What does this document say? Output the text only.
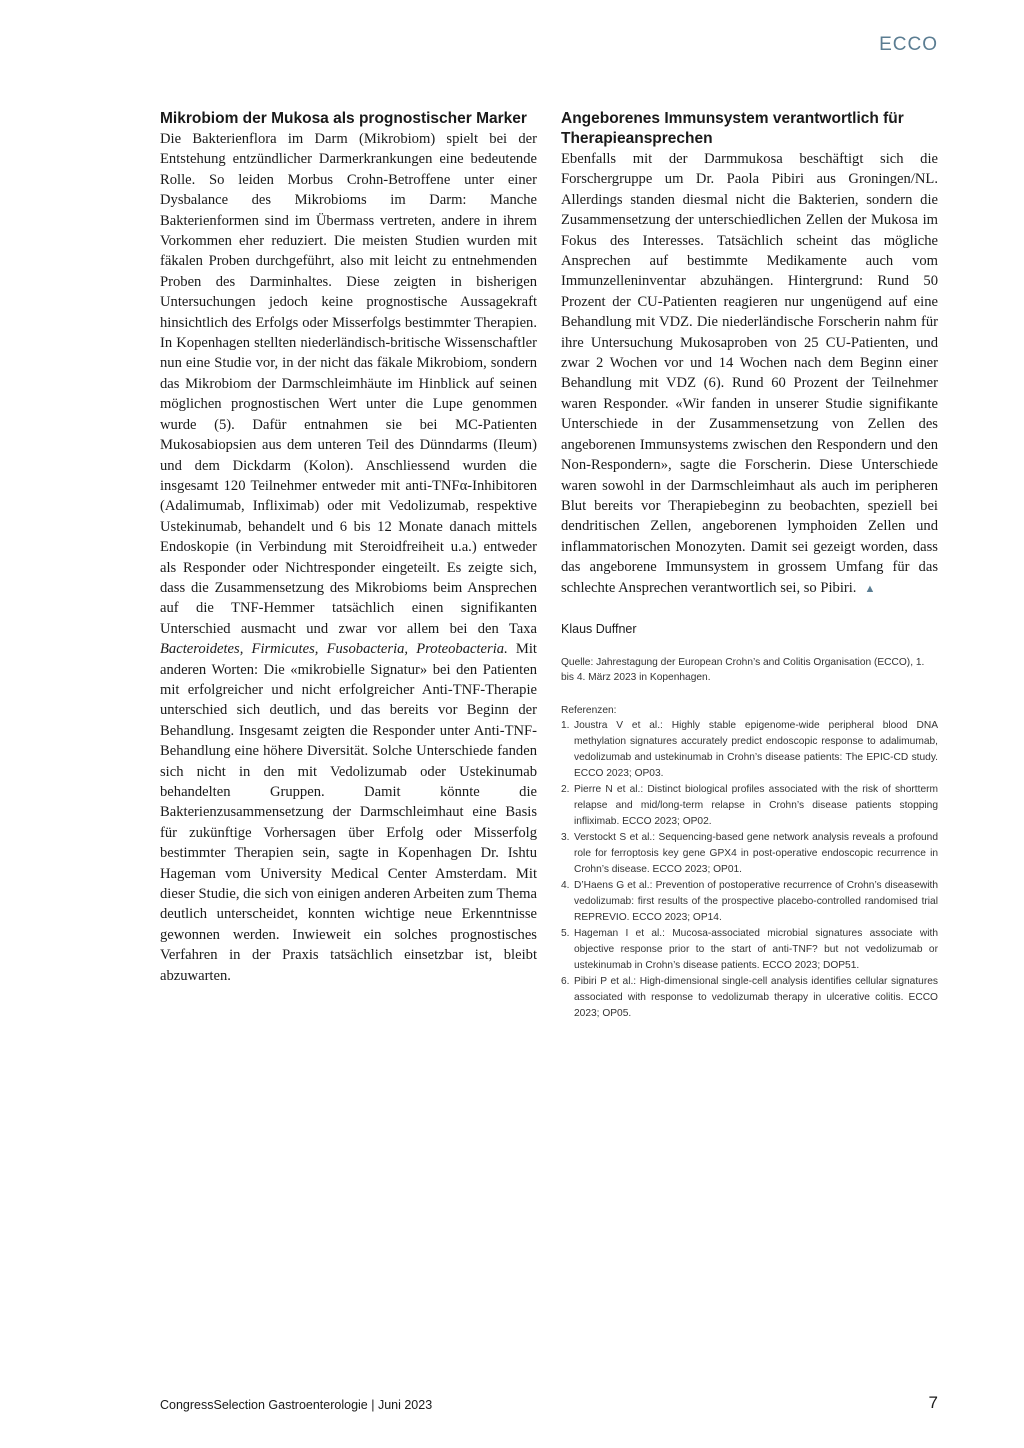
ECCO
Mikrobiom der Mukosa als prognostischer Marker

Die Bakterienflora im Darm (Mikrobiom) spielt bei der Entstehung entzündlicher Darmerkrankungen eine bedeutende Rolle. So leiden Morbus Crohn-Betroffene unter einer Dysbalance des Mikrobioms im Darm: Manche Bakterienformen sind im Übermass vertreten, andere in ihrem Vorkommen eher reduziert. Die meisten Studien wurden mit fäkalen Proben durchgeführt, also mit leicht zu entnehmenden Proben des Darminhaltes. Diese zeigten in bisherigen Untersuchungen jedoch keine prognostische Aussagekraft hinsichtlich des Erfolgs oder Misserfolgs bestimmter Therapien. In Kopenhagen stellten niederländisch-britische Wissenschaftler nun eine Studie vor, in der nicht das fäkale Mikrobiom, sondern das Mikrobiom der Darmschleimhäute im Hinblick auf seinen möglichen prognostischen Wert unter die Lupe genommen wurde (5). Dafür entnahmen sie bei MC-Patienten Mukosabiopsien aus dem unteren Teil des Dünndarms (Ileum) und dem Dickdarm (Kolon). Anschliessend wurden die insgesamt 120 Teilnehmer entweder mit anti-TNFα-Inhibitoren (Adalimumab, Infliximab) oder mit Vedolizumab, respektive Ustekinumab, behandelt und 6 bis 12 Monate danach mittels Endoskopie (in Verbindung mit Steroidfreiheit u.a.) entweder als Responder oder Nichtresponder eingeteilt. Es zeigte sich, dass die Zusammensetzung des Mikrobioms beim Ansprechen auf die TNF-Hemmer tatsächlich einen signifikanten Unterschied ausmacht und zwar vor allem bei den Taxa Bacteroidetes, Firmicutes, Fusobacteria, Proteobacteria. Mit anderen Worten: Die «mikrobielle Signatur» bei den Patienten mit erfolgreicher und nicht erfolgreicher Anti-TNF-Therapie unterschied sich deutlich, und das bereits vor Beginn der Behandlung. Insgesamt zeigten die Responder unter Anti-TNF-Behandlung eine höhere Diversität. Solche Unterschiede fanden sich nicht in den mit Vedolizumab oder Ustekinumab behandelten Gruppen. Damit könnte die Bakterienzusammensetzung der Darmschleimhaut eine Basis für zukünftige Vorhersagen über Erfolg oder Misserfolg bestimmter Therapien sein, sagte in Kopenhagen Dr. Ishtu Hageman vom University Medical Center Amsterdam. Mit dieser Studie, die sich von einigen anderen Arbeiten zum Thema deutlich unterscheidet, konnten wichtige neue Erkenntnisse gewonnen werden. Inwieweit ein solches prognostisches Verfahren in der Praxis tatsächlich einsetzbar ist, bleibt abzuwarten.

Angeborenes Immunsystem verantwortlich für Therapieansprechen

Ebenfalls mit der Darmmukosa beschäftigt sich die Forschergruppe um Dr. Paola Pibiri aus Groningen/NL. Allerdings standen diesmal nicht die Bakterien, sondern die Zusammensetzung der unterschiedlichen Zellen der Mukosa im Fokus des Interesses. Tatsächlich scheint das mögliche Ansprechen auf bestimmte Medikamente auch vom Immunzelleninventar abzuhängen. Hintergrund: Rund 50 Prozent der CU-Patienten reagieren nur ungenügend auf eine Behandlung mit VDZ. Die niederländische Forscherin nahm für ihre Untersuchung Mukosaproben von 25 CU-Patienten, und zwar 2 Wochen vor und 14 Wochen nach dem Beginn einer Behandlung mit VDZ (6). Rund 60 Prozent der Teilnehmer waren Responder. «Wir fanden in unserer Studie signifikante Unterschiede in der Zusammensetzung von Zellen des angeborenen Immunsystems zwischen den Respondern und den Non-Respondern», sagte die Forscherin. Diese Unterschiede waren sowohl in der Darmschleimhaut als auch im peripheren Blut bereits vor Therapiebeginn zu beobachten, speziell bei dendritischen Zellen, angeborenen lymphoiden Zellen und inflammatorischen Monozyten. Damit sei gezeigt worden, dass das angeborene Immunsystem in grossem Umfang für das schlechte Ansprechen verantwortlich sei, so Pibiri. ▲

Klaus Duffner
Quelle: Jahrestagung der European Crohn’s and Colitis Organisation (ECCO), 1. bis 4. März 2023 in Kopenhagen.
Referenzen:
1. Joustra V et al.: Highly stable epigenome-wide peripheral blood DNA methylation signatures accurately predict endoscopic response to adalimumab, vedolizumab and ustekinumab in Crohn’s disease patients: The EPIC-CD study. ECCO 2023; OP03.
2. Pierre N et al.: Distinct biological profiles associated with the risk of shortterm relapse and mid/long-term relapse in Crohn’s disease patients stopping infliximab. ECCO 2023; OP02.
3. Verstockt S et al.: Sequencing-based gene network analysis reveals a profound role for ferroptosis key gene GPX4 in post-operative endoscopic recurrence in Crohn’s disease. ECCO 2023; OP01.
4. D’Haens G et al.: Prevention of postoperative recurrence of Crohn’s diseasewith vedolizumab: first results of the prospective placebo-controlled randomised trial REPREVIO. ECCO 2023; OP14.
5. Hageman I et al.: Mucosa-associated microbial signatures associate with objective response prior to the start of anti-TNF? but not vedolizumab or ustekinumab in Crohn’s disease patients. ECCO 2023; DOP51.
6. Pibiri P et al.: High-dimensional single-cell analysis identifies cellular signatures associated with response to vedolizumab therapy in ulcerative colitis. ECCO 2023; OP05.
CongressSelection Gastroenterologie | Juni 2023	7
